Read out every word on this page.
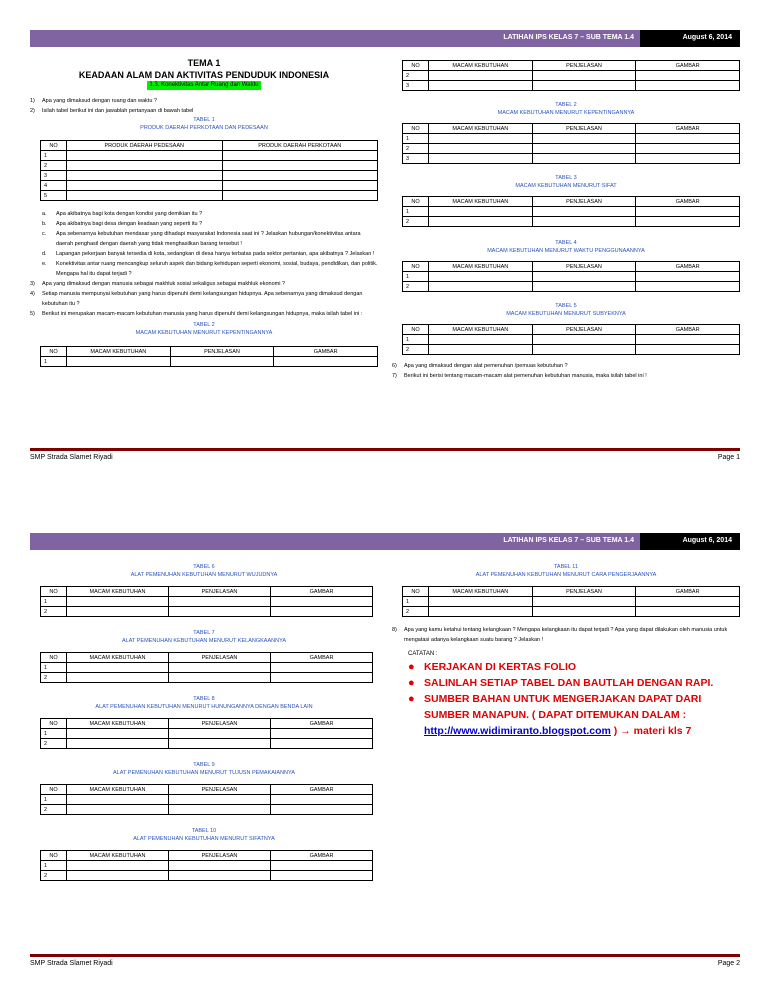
LATIHAN IPS KELAS 7 – SUB TEMA 1.4	August 6, 2014
TEMA 1
KEADAAN ALAM DAN AKTIVITAS PENDUDUK INDONESIA
1.3. Konektivitas Antar Ruang dan Waktu
1)	Apa yang dimaksud dengan ruang dan waktu ?
2)	Isilah tabel berikut ini dan jawablah pertanyaan di bawah tabel
TABEL 1
PRODUK DAERAH PERKOTAAN DAN PEDESAAN
NO	PRODUK DAERAH PEDESAAN	PRODUK DAERAH PERKOTAAN
1		
2		
3		
4		
5		
a.	Apa akibatnya bagi kota dengan kondisi yang demikian itu ?
b.	Apa akibatnya bagi desa dengan keadaan yang seperti itu ?
c.	Apa sebenarnya kebutuhan mendasar yang dihadapi masyarakat Indonesia saat ini ? Jelaskan hubungan/konektivitas antara daerah penghasil dengan daerah yang tidak menghasilkan barang tersebut !
d.	Lapangan pekerjaan banyak tersedia di kota, sedangkan di desa hanya terbatas pada sektor pertanian, apa akibatnya ? Jelaskan !
e.	Konektivitas antar ruang mencangkup seluruh aspek dan bidang kehidupan seperti ekonomi, sosial, budaya, pendidikan, dan politik. Mengapa hal itu dapat terjadi ?
3)	Apa yang dimaksud dengan manusia sebagai makhluk sosial sekaligus sebagai makhluk ekonomi ?
4)	Setiap manusia mempunyai kebutuhan yang harus dipenuhi demi kelangsungan hidupnya. Apa sebenarnya yang dimaksud dengan kebutuhan itu ?
5)	Berikut ini merupakan macam-macam kebutuhan manusia yang harus dipenuhi demi kelangsungan hidupnya, maka isilah tabel ini :
TABEL 2
MACAM KEBUTUHAN MENURUT KEPENTINGANNYA
NO	MACAM KEBUTUHAN	PENJELASAN	GAMBAR
1			
NO	MACAM KEBUTUHAN	PENJELASAN	GAMBAR
2			
3			
TABEL 2
MACAM KEBUTUHAN MENURUT KEPENTINGANNYA
NO	MACAM KEBUTUHAN	PENJELASAN	GAMBAR
1			
2			
3			
TABEL 3
MACAM KEBUTUHAN MENURUT SIFAT
NO	MACAM KEBUTUHAN	PENJELASAN	GAMBAR
1			
2			
TABEL 4
MACAM KEBUTUHAN MENURUT WAKTU PENGGUNAANNYA
NO	MACAM KEBUTUHAN	PENJELASAN	GAMBAR
1			
2			
TABEL 5
MACAM KEBUTUHAN MENURUT SUBYEKNYA
NO	MACAM KEBUTUHAN	PENJELASAN	GAMBAR
1			
2			
6)	Apa yang dimaksud dengan alat pemenuhan /pemuas kebutuhan ?
7)	Berikut ini berisi tentang macam-macam alat pemenuhan kebutuhan manusia, maka isilah tabel ini !
SMP Strada Slamet Riyadi	Page 1
LATIHAN IPS KELAS 7 – SUB TEMA 1.4	August 6, 2014
TABEL 6
ALAT PEMENUHAN KEBUTUHAN MENURUT WUJUDNYA
NO	MACAM KEBUTUHAN	PENJELASAN	GAMBAR
1			
2			
TABEL 7
ALAT PEMENUHAN KEBUTUHAN MENURUT KELANGKAANNYA
NO	MACAM KEBUTUHAN	PENJELASAN	GAMBAR
1			
2			
TABEL 8
ALAT PEMENUHAN KEBUTUHAN MENURUT HUNUNGANNYA DENGAN BENDA LAIN
NO	MACAM KEBUTUHAN	PENJELASAN	GAMBAR
1			
2			
TABEL 9
ALAT PEMENUHAN KEBUTUHAN MENURUT TUJUSN PEMAKAIANNYA
NO	MACAM KEBUTUHAN	PENJELASAN	GAMBAR
1			
2			
TABEL 10
ALAT PEMENUHAN KEBUTUHAN MENURUT SIFATNYA
NO	MACAM KEBUTUHAN	PENJELASAN	GAMBAR
1			
2			
TABEL 11
ALAT PEMENUHAN KEBUTUHAN MENURUT CARA PENGERJAANNYA
NO	MACAM KEBUTUHAN	PENJELASAN	GAMBAR
1			
2			
8)	Apa yang kamu ketahui tentang kelangkaan ? Mengapa kelangkaan itu dapat terjadi ? Apa yang dapat dilakukan oleh manusia untuk mengatasi adanya kelangkaan suatu barang ? Jelaskan !
CATATAN :
● KERJAKAN DI KERTAS FOLIO
● SALINLAH SETIAP TABEL DAN BAUTLAH DENGAN RAPI.
● SUMBER BAHAN UNTUK MENGERJAKAN DAPAT DARI SUMBER MANAPUN. ( DAPAT DITEMUKAN DALAM :
http://www.widimiranto.blogspot.com ) → materi kls 7
SMP Strada Slamet Riyadi	Page 2
